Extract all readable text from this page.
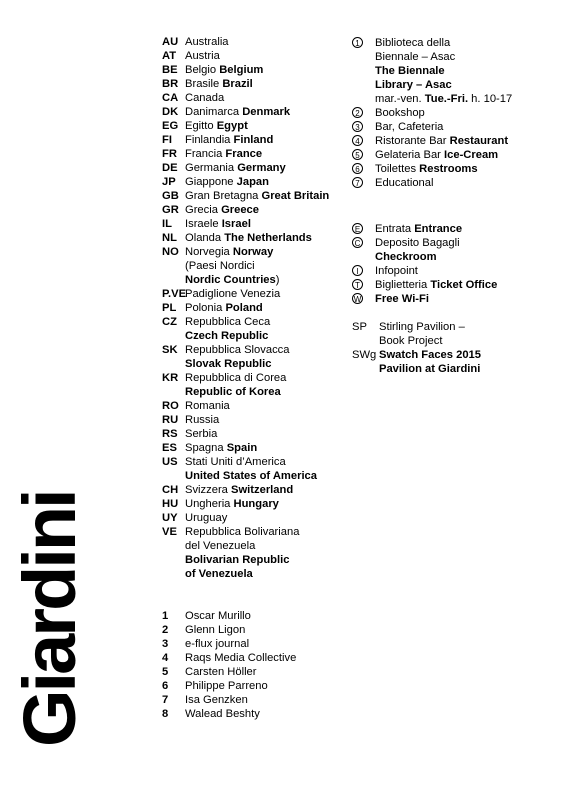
Giardini
AU Australia
AT Austria
BE Belgio Belgium
BR Brasile Brazil
CA Canada
DK Danimarca Denmark
EG Egitto Egypt
FI Finlandia Finland
FR Francia France
DE Germania Germany
JP Giappone Japan
GB Gran Bretagna Great Britain
GR Grecia Greece
IL Israele Israel
NL Olanda The Netherlands
NO Norvegia Norway
(Paesi Nordici
Nordic Countries)
P.VE
Padiglione Venezia
PL Polonia Poland
CZ Repubblica Ceca
Czech Republic
SK Repubblica Slovacca
Slovak Republic
KR Repubblica di Corea
Republic of Korea
RO Romania
RU Russia
RS Serbia
ES Spagna Spain
US Stati Uniti d’America
United States of America
CH Svizzera Switzerland
HU Ungheria Hungary
UY Uruguay
VE Repubblica Bolivariana
del Venezuela
Bolivarian Republic
of Venezuela
1 Oscar Murillo
2 Glenn Ligon
3 e-flux journal
4 Raqs Media Collective
5 Carsten Höller
6 Philippe Parreno
7 Isa Genzken
8 Walead Beshty
1 Biblioteca della
Biennale – Asac
The Biennale
Library – Asac
mar.-ven. Tue.-Fri. h. 10-17
2 Bookshop
3 Bar, Cafeteria
4 Ristorante Bar Restaurant
5 Gelateria Bar Ice-Cream
6 Toilettes Restrooms
7 Educational
E Entrata Entrance
C Deposito Bagagli
Checkroom
I	Infopoint
T Biglietteria Ticket Office
W Free Wi-Fi
SP Stirling Pavilion –
Book Project
SWg Swatch Faces 2015
Pavilion at Giardini
